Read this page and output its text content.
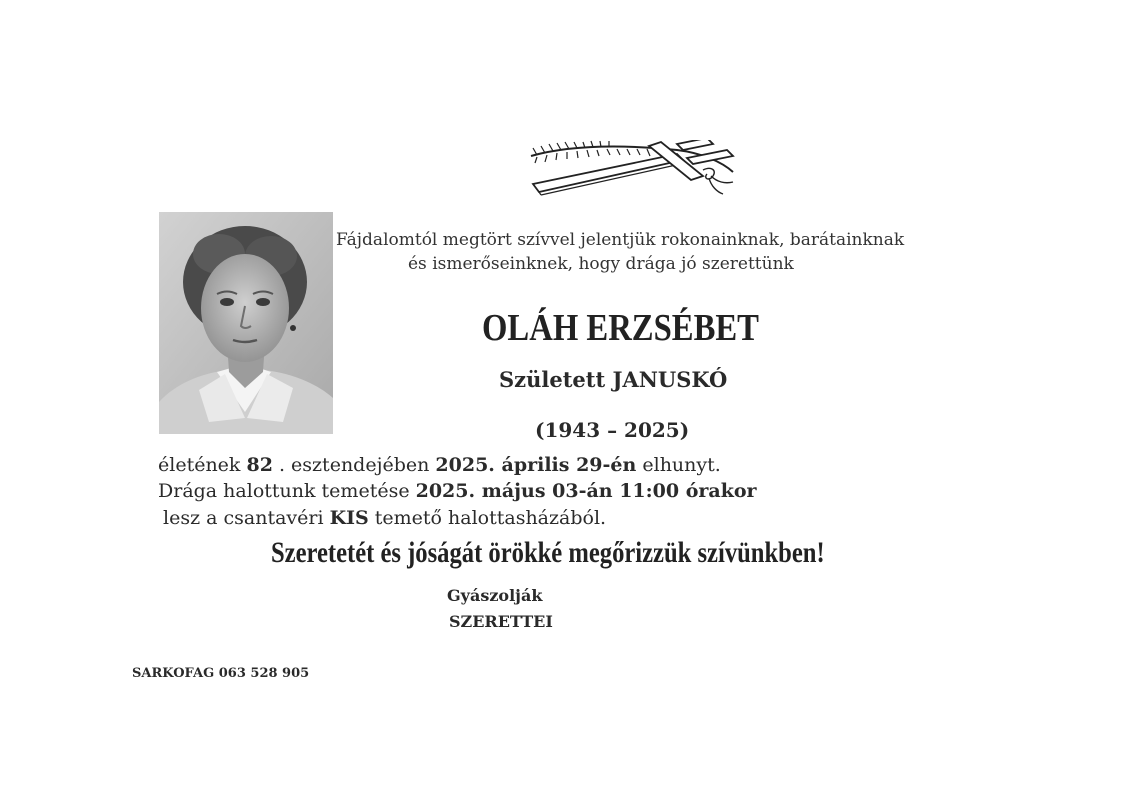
Fájdalomtól megtört szívvel jelentjük rokonainknak, barátainknak
és ismerőseinknek, hogy drága jó szerettünk
OLÁH ERZSÉBET
Született JANUSKÓ
(1943 – 2025)
életének 82 . esztendejében 2025. április 29-én elhunyt.
Drága halottunk temetése 2025. május 03-án 11:00 órakor
lesz a csantavéri KIS temető halottasházából.
Szeretetét és jóságát örökké megőrizzük szívünkben!
Gyászolják
SZERETTEI
SARKOFAG 063 528 905
